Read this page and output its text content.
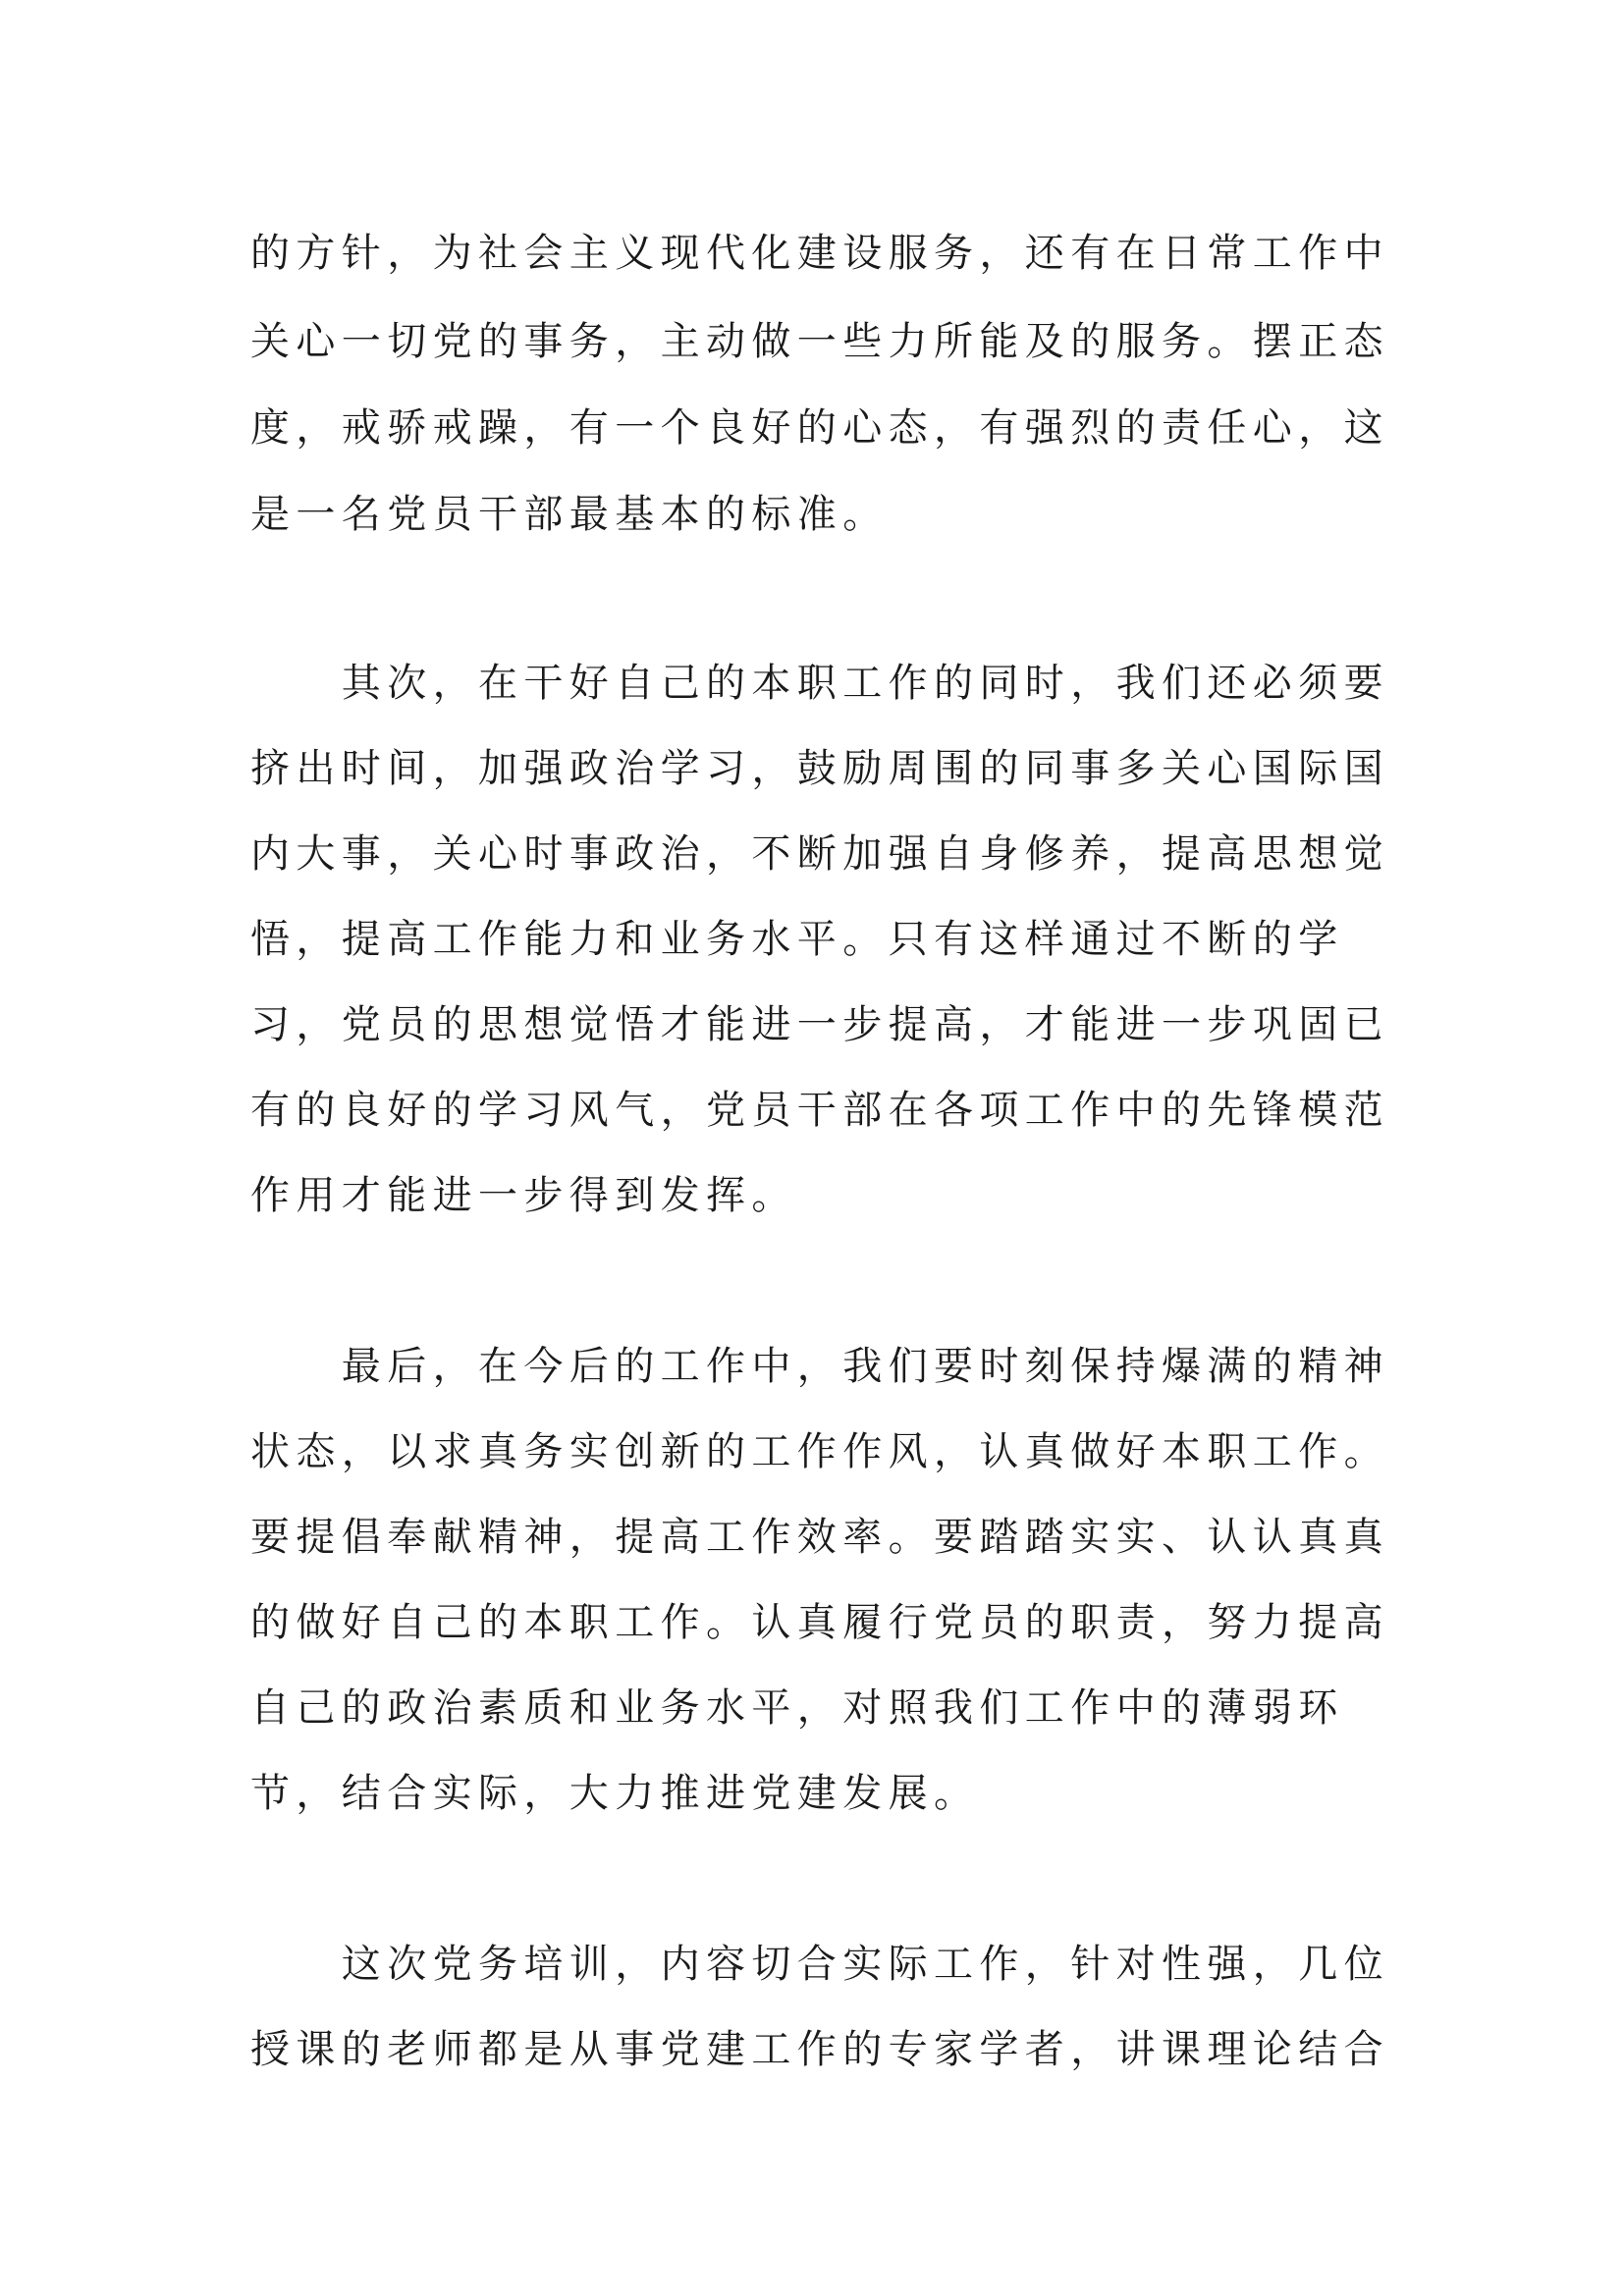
的方针，为社会主义现代化建设服务，还有在日常工作中
关心一切党的事务，主动做一些力所能及的服务。摆正态
度，戒骄戒躁，有一个良好的心态，有强烈的责任心，这
是一名党员干部最基本的标准。
　　其次，在干好自己的本职工作的同时，我们还必须要
挤出时间，加强政治学习，鼓励周围的同事多关心国际国
内大事，关心时事政治，不断加强自身修养，提高思想觉
悟，提高工作能力和业务水平。只有这样通过不断的学
习，党员的思想觉悟才能进一步提高，才能进一步巩固已
有的良好的学习风气，党员干部在各项工作中的先锋模范
作用才能进一步得到发挥。
　　最后，在今后的工作中，我们要时刻保持爆满的精神
状态，以求真务实创新的工作作风，认真做好本职工作。
要提倡奉献精神，提高工作效率。要踏踏实实、认认真真
的做好自己的本职工作。认真履行党员的职责，努力提高
自己的政治素质和业务水平，对照我们工作中的薄弱环
节，结合实际，大力推进党建发展。
　　这次党务培训，内容切合实际工作，针对性强，几位
授课的老师都是从事党建工作的专家学者，讲课理论结合
